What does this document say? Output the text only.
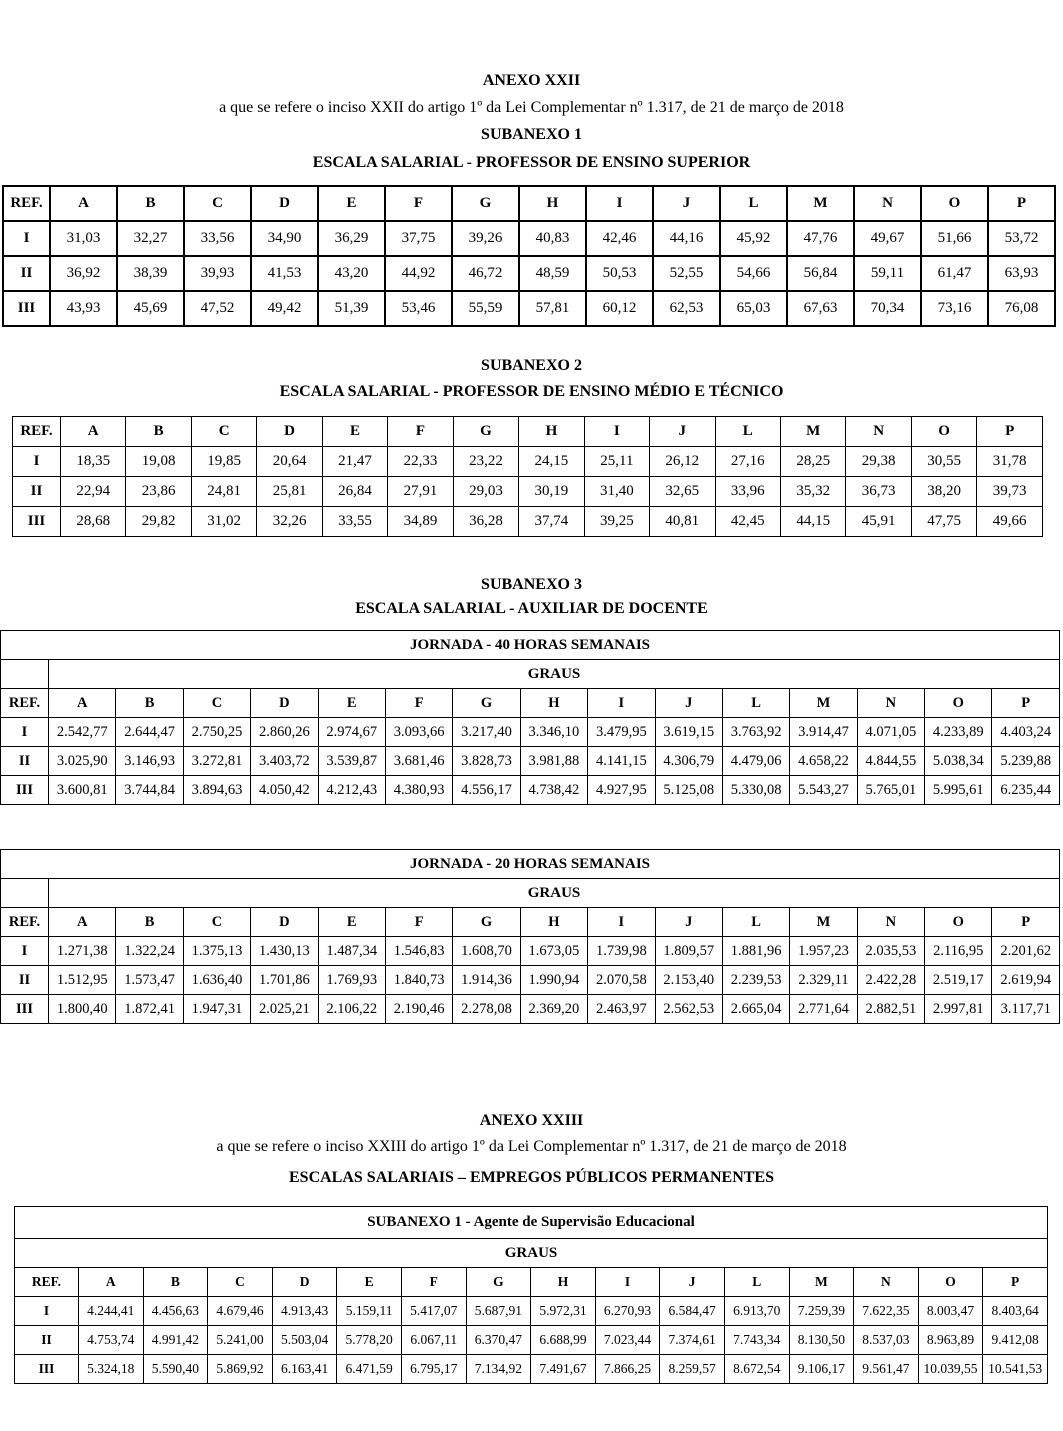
ANEXO XXII
a que se refere o inciso XXII do artigo 1º da Lei Complementar nº 1.317, de 21 de março de 2018
SUBANEXO 1
ESCALA SALARIAL - PROFESSOR DE ENSINO SUPERIOR
REF.	A	B	C	D	E	F	G	H	I	J	L	M	N	O	P
I	31,03	32,27	33,56	34,90	36,29	37,75	39,26	40,83	42,46	44,16	45,92	47,76	49,67	51,66	53,72
II	36,92	38,39	39,93	41,53	43,20	44,92	46,72	48,59	50,53	52,55	54,66	56,84	59,11	61,47	63,93
III	43,93	45,69	47,52	49,42	51,39	53,46	55,59	57,81	60,12	62,53	65,03	67,63	70,34	73,16	76,08
SUBANEXO 2
ESCALA SALARIAL - PROFESSOR DE ENSINO MÉDIO E TÉCNICO
REF.	A	B	C	D	E	F	G	H	I	J	L	M	N	O	P
I	18,35	19,08	19,85	20,64	21,47	22,33	23,22	24,15	25,11	26,12	27,16	28,25	29,38	30,55	31,78
II	22,94	23,86	24,81	25,81	26,84	27,91	29,03	30,19	31,40	32,65	33,96	35,32	36,73	38,20	39,73
III	28,68	29,82	31,02	32,26	33,55	34,89	36,28	37,74	39,25	40,81	42,45	44,15	45,91	47,75	49,66
SUBANEXO 3
ESCALA SALARIAL - AUXILIAR DE DOCENTE
JORNADA - 40 HORAS SEMANAIS															
	GRAUS														
REF.	A	B	C	D	E	F	G	H	I	J	L	M	N	O	P
I	2.542,77	2.644,47	2.750,25	2.860,26	2.974,67	3.093,66	3.217,40	3.346,10	3.479,95	3.619,15	3.763,92	3.914,47	4.071,05	4.233,89	4.403,24
II	3.025,90	3.146,93	3.272,81	3.403,72	3.539,87	3.681,46	3.828,73	3.981,88	4.141,15	4.306,79	4.479,06	4.658,22	4.844,55	5.038,34	5.239,88
III	3.600,81	3.744,84	3.894,63	4.050,42	4.212,43	4.380,93	4.556,17	4.738,42	4.927,95	5.125,08	5.330,08	5.543,27	5.765,01	5.995,61	6.235,44
JORNADA - 20 HORAS SEMANAIS															
	GRAUS														
REF.	A	B	C	D	E	F	G	H	I	J	L	M	N	O	P
I	1.271,38	1.322,24	1.375,13	1.430,13	1.487,34	1.546,83	1.608,70	1.673,05	1.739,98	1.809,57	1.881,96	1.957,23	2.035,53	2.116,95	2.201,62
II	1.512,95	1.573,47	1.636,40	1.701,86	1.769,93	1.840,73	1.914,36	1.990,94	2.070,58	2.153,40	2.239,53	2.329,11	2.422,28	2.519,17	2.619,94
III	1.800,40	1.872,41	1.947,31	2.025,21	2.106,22	2.190,46	2.278,08	2.369,20	2.463,97	2.562,53	2.665,04	2.771,64	2.882,51	2.997,81	3.117,71
ANEXO XXIII
a que se refere o inciso XXIII do artigo 1º da Lei Complementar nº 1.317, de 21 de março de 2018
ESCALAS SALARIAIS – EMPREGOS PÚBLICOS PERMANENTES
SUBANEXO 1 - Agente de Supervisão Educacional															
GRAUS															
REF.	A	B	C	D	E	F	G	H	I	J	L	M	N	O	P
I	4.244,41	4.456,63	4.679,46	4.913,43	5.159,11	5.417,07	5.687,91	5.972,31	6.270,93	6.584,47	6.913,70	7.259,39	7.622,35	8.003,47	8.403,64
II	4.753,74	4.991,42	5.241,00	5.503,04	5.778,20	6.067,11	6.370,47	6.688,99	7.023,44	7.374,61	7.743,34	8.130,50	8.537,03	8.963,89	9.412,08
III	5.324,18	5.590,40	5.869,92	6.163,41	6.471,59	6.795,17	7.134,92	7.491,67	7.866,25	8.259,57	8.672,54	9.106,17	9.561,47	10.039,55	10.541,53
